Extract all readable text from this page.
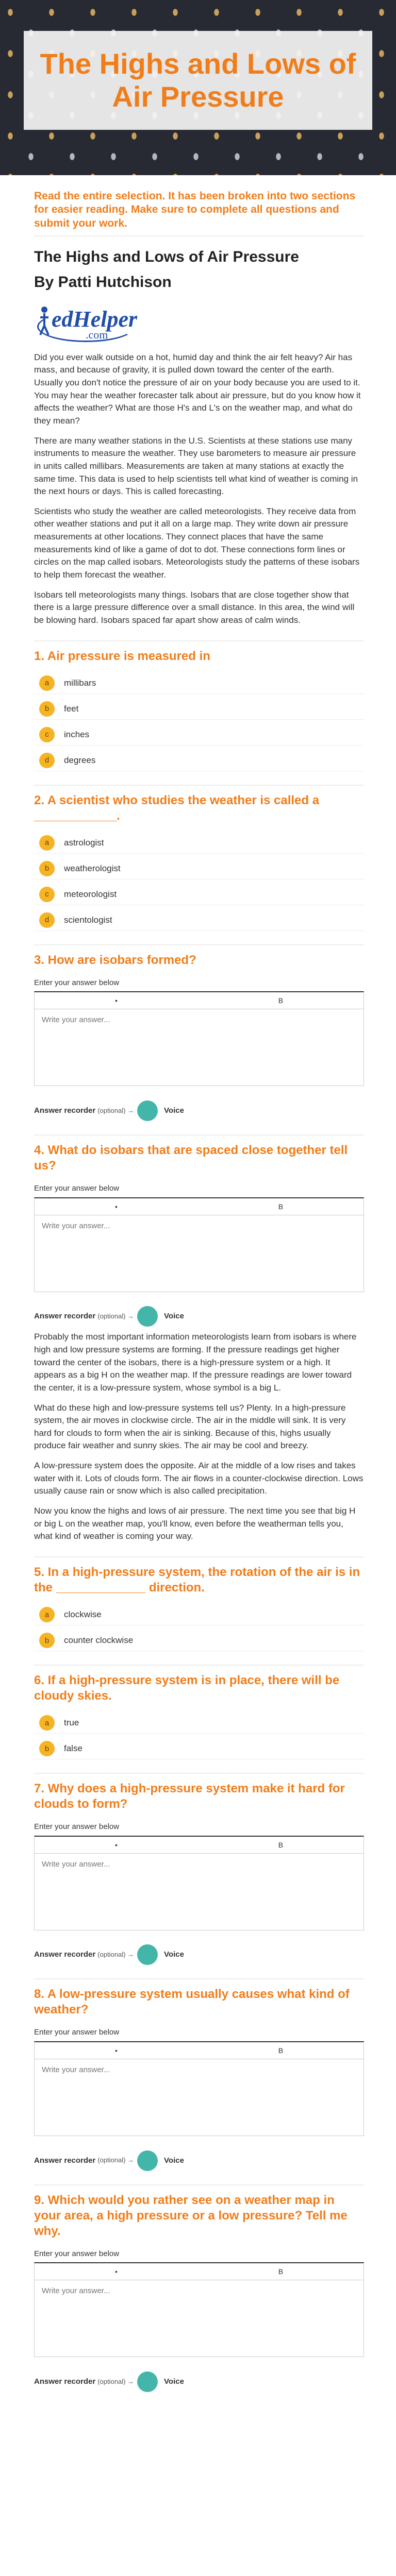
The Highs and Lows of Air Pressure
Read the entire selection. It has been broken into two sections for easier reading. Make sure to complete all questions and submit your work.
The Highs and Lows of Air Pressure
By Patti Hutchison
edHelper
.com

Did you ever walk outside on a hot, humid day and think the air felt heavy? Air has mass, and because of gravity, it is pulled down toward the center of the earth. Usually you don't notice the pressure of air on your body because you are used to it. You may hear the weather forecaster talk about air pressure, but do you know how it affects the weather? What are those H's and L's on the weather map, and what do they mean?

There are many weather stations in the U.S. Scientists at these stations use many instruments to measure the weather. They use barometers to measure air pressure in units called millibars. Measurements are taken at many stations at exactly the same time. This data is used to help scientists tell what kind of weather is coming in the next hours or days. This is called forecasting.

Scientists who study the weather are called meteorologists. They receive data from other weather stations and put it all on a large map. They write down air pressure measurements at other locations. They connect places that have the same measurements kind of like a game of dot to dot. These connections form lines or circles on the map called isobars. Meteorologists study the patterns of these isobars to help them forecast the weather.

Isobars tell meteorologists many things. Isobars that are close together show that there is a large pressure difference over a small distance. In this area, the wind will be blowing hard. Isobars spaced far apart show areas of calm winds.

1. Air pressure is measured in
a	millibars
b	feet
c	inches
d	degrees
2. A scientist who studies the weather is called a ____________.
a	astrologist
b	weatherologist
c	meteorologist
d	scientologist
3. How are isobars formed?
Enter your answer below
•	B
Write your answer...
Answer recorder (optional) →	Voice
4. What do isobars that are spaced close together tell us?
Enter your answer below
•	B
Write your answer...
Answer recorder (optional) →	Voice

Probably the most important information meteorologists learn from isobars is where high and low pressure systems are forming. If the pressure readings get higher toward the center of the isobars, there is a high-pressure system or a high. It appears as a big H on the weather map. If the pressure readings are lower toward the center, it is a low-pressure system, whose symbol is a big L.

What do these high and low-pressure systems tell us? Plenty. In a high-pressure system, the air moves in clockwise circle. The air in the middle will sink. It is very hard for clouds to form when the air is sinking. Because of this, highs usually produce fair weather and sunny skies. The air may be cool and breezy.

A low-pressure system does the opposite. Air at the middle of a low rises and takes water with it. Lots of clouds form. The air flows in a counter-clockwise direction. Lows usually cause rain or snow which is also called precipitation.

Now you know the highs and lows of air pressure. The next time you see that big H or big L on the weather map, you'll know, even before the weatherman tells you, what kind of weather is coming your way.

5. In a high-pressure system, the rotation of the air is in the _____________ direction.
a	clockwise
b	counter clockwise
6. If a high-pressure system is in place, there will be cloudy skies.
a	true
b	false
7. Why does a high-pressure system make it hard for clouds to form?
Enter your answer below
•	B
Write your answer...
Answer recorder (optional) →	Voice
8. A low-pressure system usually causes what kind of weather?
Enter your answer below
•	B
Write your answer...
Answer recorder (optional) →	Voice
9. Which would you rather see on a weather map in your area, a high pressure or a low pressure? Tell me why.
Enter your answer below
•	B
Write your answer...
Answer recorder (optional) →	Voice
